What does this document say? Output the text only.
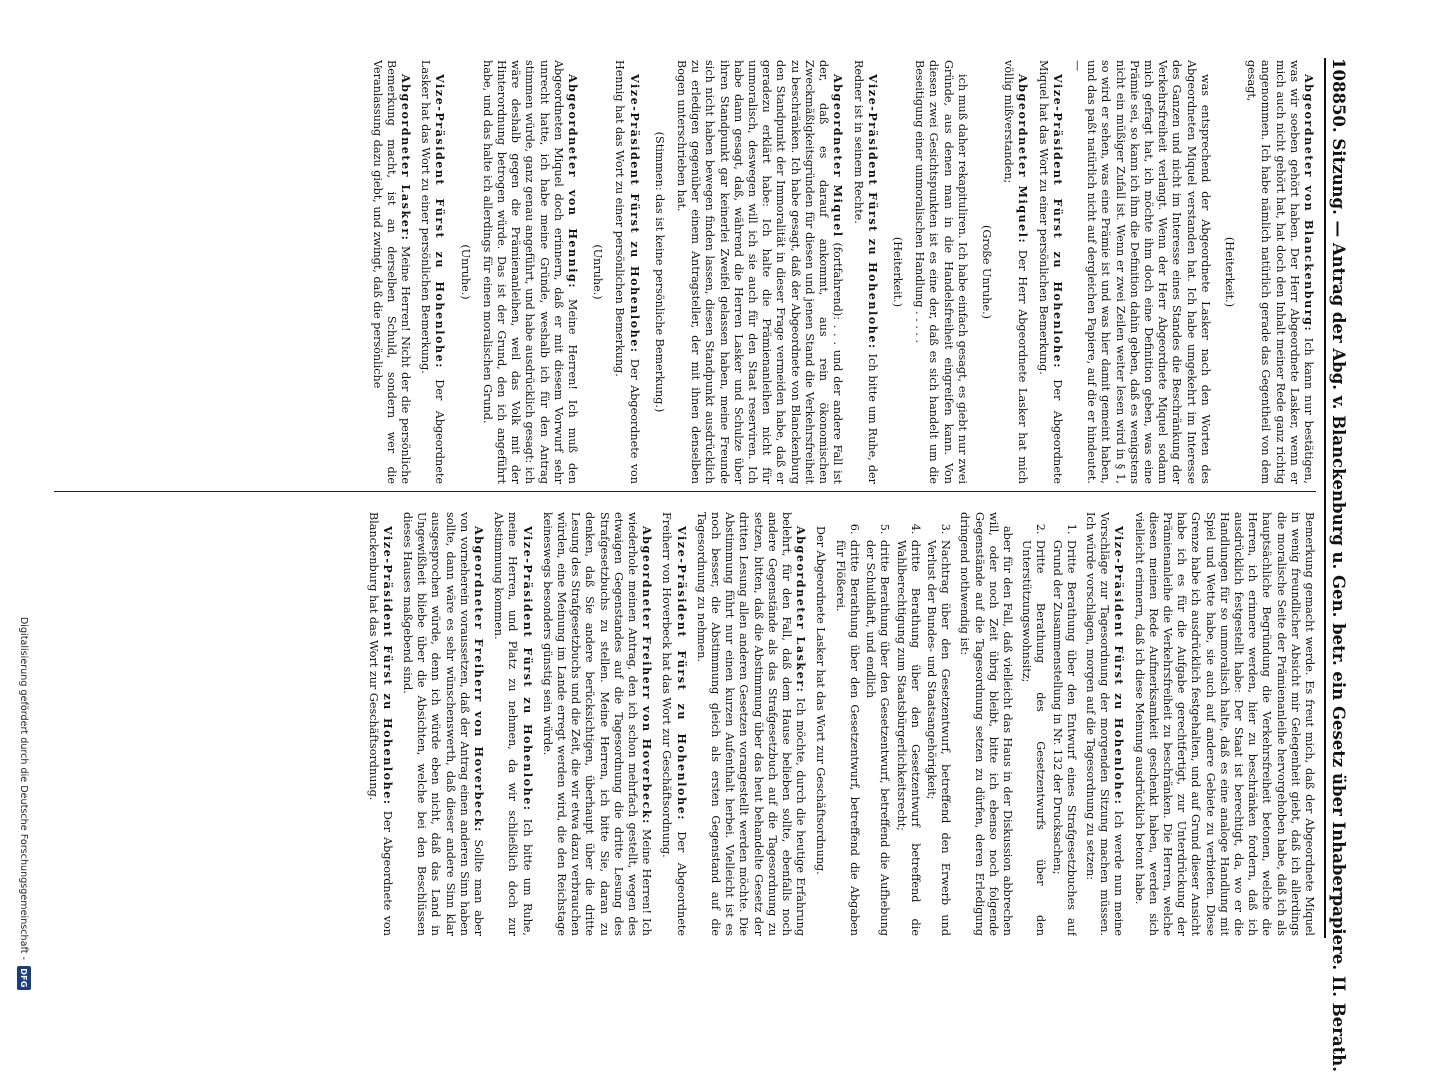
1088
50. Sitzung. — Antrag der Abg. v. Blanckenburg u. Gen. betr. ein Gesetz über Inhaberpapiere. II. Berath.

Abgeordneter von Blanckenburg: Ich kann nur bestätigen, was wir soeben gehört haben. Der Herr Abgeordnete Lasker, wenn er mich auch nicht gehört hat, hat doch den Inhalt meiner Rede ganz richtig angenommen. Ich habe nämlich natürlich gerade das Gegentheil von dem gesagt,

(Heiterkeit.)

was entsprechend der Abgeordnete Lasker nach den Worten des Abgeordneten Miquel verstanden hat. Ich habe umgekehrt im Interesse des Ganzen und nicht im Interesse eines Standes die Beschränkung der Verkehrsfreiheit verlangt. Wenn der Herr Abgeordnete Miquel sodann mich gefragt hat, ich möchte ihm doch eine Definition geben, was eine Prämie sei, so kann ich ihm die Definition dahin geben, daß es wenigstens nicht ein müßiger Zufall ist. Wenn er zwei Zeilen weiter lesen wird in § 1, so wird er sehen, was eine Prämie ist und was hier damit gemeint haben, und das paßt natürlich nicht auf dergleichen Papiere, auf die er hindeutet. —

Vize-Präsident Fürst zu Hohenlohe: Der Abgeordnete Miquel hat das Wort zu einer persönlichen Bemerkung.

Abgeordneter Miquel: Der Herr Abgeordnete Lasker hat mich völlig mißverstanden;

(Große Unruhe.)

ich muß daher rekapituliren. Ich habe einfach gesagt, es giebt nur zwei Gründe, aus denen man in die Handelsfreiheit eingreifen kann. Von diesen zwei Gesichtspunkten ist es eine der, daß es sich handelt um die Beseitigung einer unmoralischen Handlung . . . . .

(Heiterkeit.)

Vize-Präsident Fürst zu Hohenlohe: Ich bitte um Ruhe, der Redner ist in seinem Rechte.

Abgeordneter Miquel (fortfahrend): . . . und der andere Fall ist der, daß es darauf ankommt, aus rein ökonomischen Zweckmäßigkeitsgründen für diesen und jenen Stand die Verkehrsfreiheit zu beschränken. Ich habe gesagt, daß der Abgeordnete von Blanckenburg den Standpunkt der Immoralität in dieser Frage vermeiden habe, daß er geradezu erklärt habe: Ich halte die Prämienanleihen nicht für unmoralisch, deswegen will ich sie auch für den Staat reserviren. Ich habe dann gesagt, daß, während die Herren Lasker und Schulze über ihren Standpunkt gar keinerlei Zweifel gelassen haben, meine Freunde sich nicht haben bewegen finden lassen, diesen Standpunkt ausdrücklich zu erledigen gegenüber einem Antragsteller, der mit ihnen denselben Bogen unterschrieben hat.

(Stimmen: das ist keine persönliche Bemerkung.)

Vize-Präsident Fürst zu Hohenlohe: Der Abgeordnete von Hennig hat das Wort zu einer persönlichen Bemerkung.

(Unruhe.)

Abgeordneter von Hennig: Meine Herren! Ich muß den Abgeordneten Miquel doch erinnern, daß er mit diesem Vorwurf sehr unrecht hatte, ich habe meine Gründe, weshalb ich für den Antrag stimmen würde, ganz genau angeführt, und habe ausdrücklich gesagt: ich wäre deshalb gegen die Prämienanleihen, weil das Volk mit der Hinterordnung betrogen würde. Das ist der Grund, den ich angeführt habe, und das halte ich allerdings für einen moralischen Grund.

(Unruhe.)

Vize-Präsident Fürst zu Hohenlohe: Der Abgeordnete Lasker hat das Wort zu einer persönlichen Bemerkung.

Abgeordneter Lasker: Meine Herren! Nicht der die persönliche Bemerkung macht, ist an derselben Schuld, sondern wer die Veranlassung dazu giebt, und zwingt, daß die persönliche

Bemerkung gemacht werde. Es freut mich, daß der Abgeordnete Miquel in wenig freundlicher Absicht mir Gelegenheit giebt, daß ich allerdings die moralische Seite der Prämienanleihe hervorgehoben habe, daß ich als hauptsächliche Begründung die Verkehrsfreiheit betonen, welche die Herren, ich erinnere werden, hier zu beschränken fordern, daß ich ausdrücklich festgestellt habe: Der Staat ist berechtigt, da, wo er die Handlungen für so unmoralisch halte, daß es eine analoge Handlung mit Spiel und Wette habe, sie auch auf andere Gebiete zu verbieten. Diese Grenze habe ich ausdrücklich festgehalten, und auf Grund dieser Ansicht habe ich es für die Aufgabe gerechtfertigt, zur Unterdrückung der Prämienanleihe die Verkehrsfreiheit zu beschränken. Die Herren, welche diesen meinen Rede Aufmerksamkeit geschenkt haben, werden sich vielleicht erinnern, daß ich diese Meinung ausdrücklich betont habe.

Vize-Präsident Fürst zu Hohenlohe: Ich werde nun meine Vorschläge zur Tagesordnung der morgenden Sitzung machen müssen. Ich würde vorschlagen, morgen auf die Tagesordnung zu setzen:

1. Dritte Berathung über den Entwurf eines Strafgesetzbuches auf Grund der Zusammenstellung in Nr. 132 der Drucksachen;
2. Dritte Berathung des Gesetzentwurfs über den Unterstützungswohnsitz;

aber für den Fall, daß vielleicht das Haus in der Diskussion abbrechen will, oder noch Zeit übrig bleibt, bitte ich ebenso noch folgende Gegenstände auf die Tagesordnung setzen zu dürfen, deren Erledigung dringend nothwendig ist:

3. Nachtrag über den Gesetzentwurf, betreffend den Erwerb und Verlust der Bundes- und Staatsangehörigkeit;
4. dritte Berathung über den Gesetzentwurf betreffend die Wahlberechtigung zum Staatsbürgerlichkeitsrecht;
5. dritte Berathung über den Gesetzentwurf, betreffend die Aufhebung der Schuldhaft, und endlich
6. dritte Berathung über den Gesetzentwurf, betreffend die Abgaben für Flößerei.

Der Abgeordnete Lasker hat das Wort zur Geschäftsordnung.

Abgeordneter Lasker: Ich möchte, durch die heutige Erfahrung belehrt, für den Fall, daß dem Hause belieben sollte, ebenfalls noch andere Gegenstände als das Strafgesetzbuch auf die Tagesordnung zu setzen, bitten, daß die Abstimmung über das heut behandelte Gesetz der dritten Lesung allen anderen Gesetzen vorangestellt werden möchte. Die Abstimmung führt nur einen kurzen Aufenthalt herbei. Vielleicht ist es noch besser, die Abstimmung gleich als ersten Gegenstand auf die Tagesordnung zu nehmen.

Vize-Präsident Fürst zu Hohenlohe: Der Abgeordnete Freiherr von Hoverbeck hat das Wort zur Geschäftsordnung.

Abgeordneter Freiherr von Hoverbeck: Meine Herren! Ich wiederhole meinen Antrag, den ich schon mehrfach gestellt, wegen des etwaigen Gegenstandes auf die Tagesordnung die dritte Lesung des Strafgesetzbuchs zu stellen. Meine Herren, ich bitte Sie, daran zu denken, daß Sie andere berücksichtigen, überhaupt über die dritte Lesung des Strafgesetzbuchs und die Zeit, die wir etwa dazu verbrauchen würden, eine Meinung im Lande erregt werden wird, die den Reichstage keineswegs besonders günstig sein würde.

Vize-Präsident Fürst zu Hohenlohe: Ich bitte um Ruhe, meine Herren, und Platz zu nehmen, da wir schließlich doch zur Abstimmung kommen.

Abgeordneter Freiherr von Hoverbeck: Sollte man aber von vorneherein voraussetzen, daß der Antrag einen anderen Sinn haben sollte, dann wäre es sehr wünschenswerth, daß dieser andere Sinn klar ausgesprochen würde, denn ich würde eben nicht, daß das Land in Ungewißheit bliebe über die Absichten, welche bei den Beschlüssen dieses Hauses maßgebend sind.

Vize-Präsident Fürst zu Hohenlohe: Der Abgeordnete von Blanckenburg hat das Wort zur Geschäftsordnung.

Digitalisierung gefördert durch die Deutsche Forschungsgemeinschaft -
DFG
